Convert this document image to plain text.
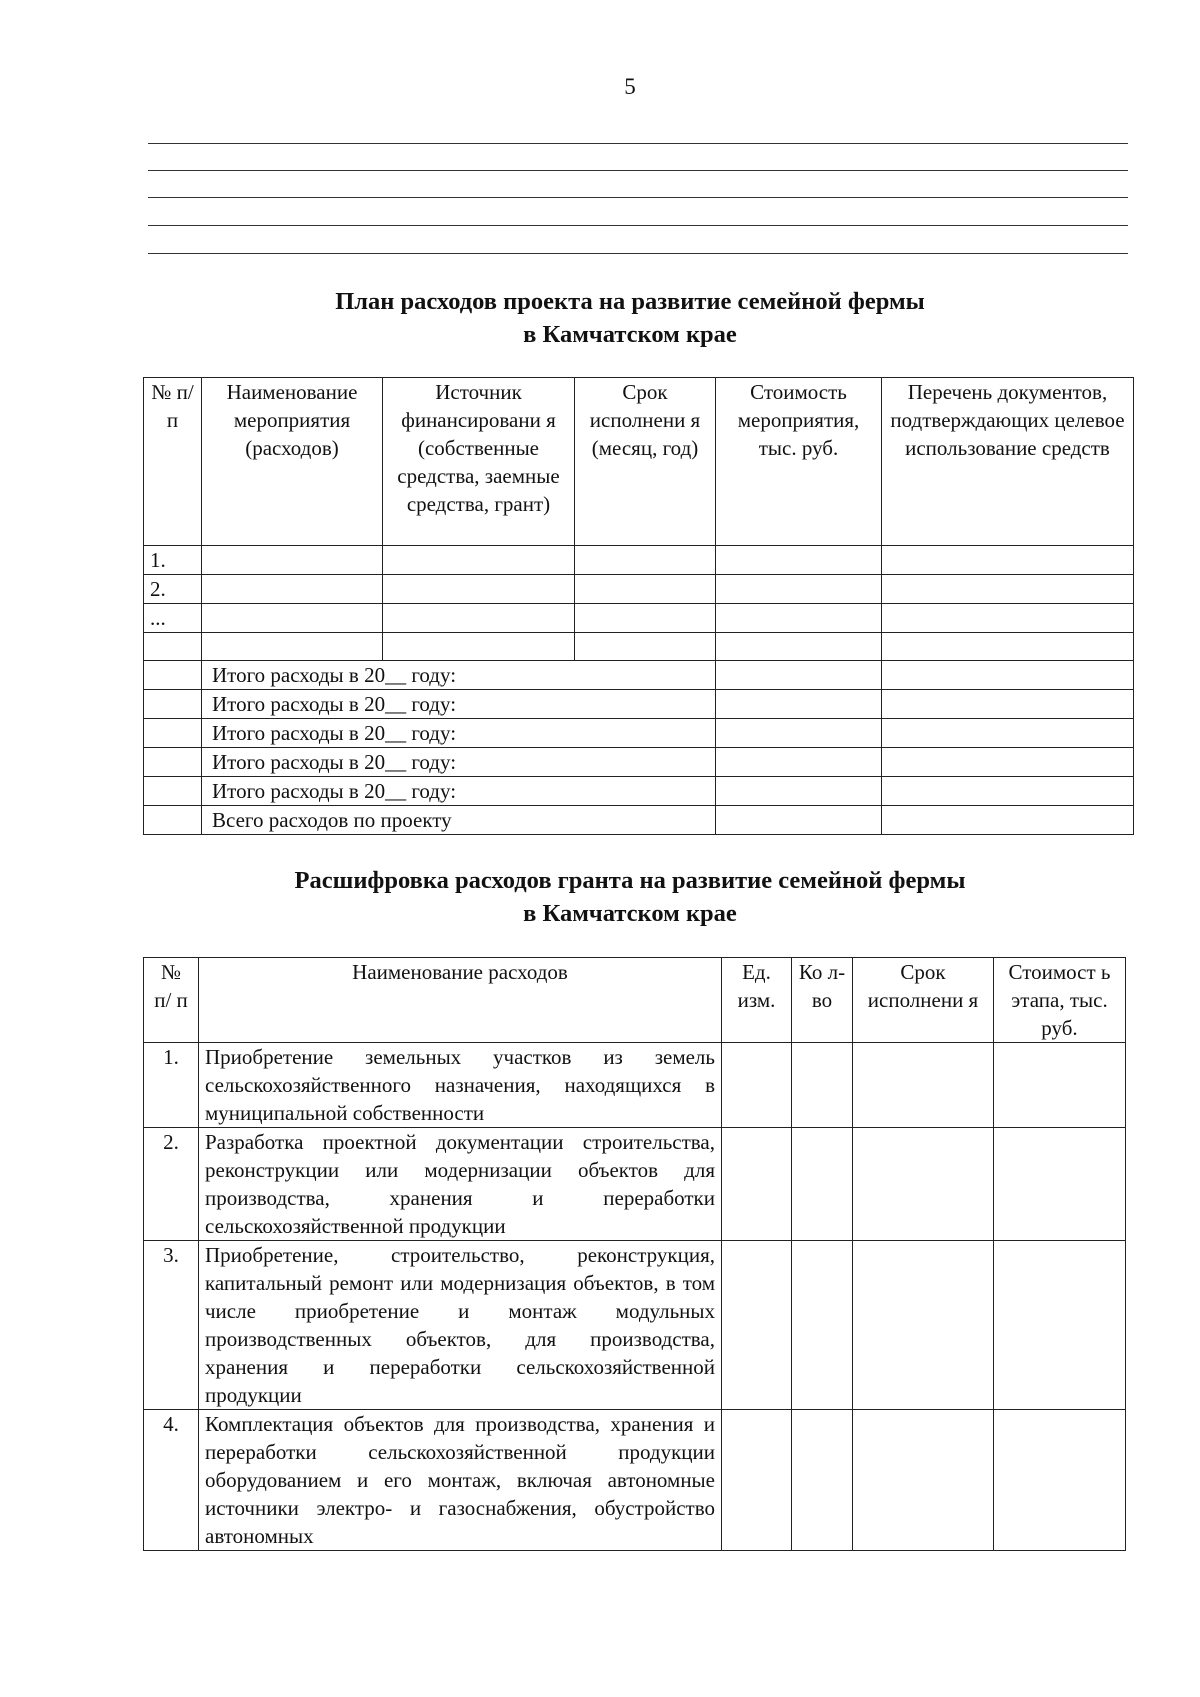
5
План расходов проекта на развитие семейной фермы
в Камчатском крае
№ п/п	Наименование мероприятия (расходов)	Источник финансировани я (собственные средства, заемные средства, грант)	Срок исполнени я (месяц, год)	Стоимость мероприятия, тыс. руб.	Перечень документов, подтверждающих целевое использование средств
1.					
2.					
...					

	Итого расходы в 20__ году:				
	Итого расходы в 20__ году:				
	Итого расходы в 20__ году:				
	Итого расходы в 20__ году:				
	Итого расходы в 20__ году:				
	Всего расходов по проекту				
Расшифровка расходов гранта на развитие семейной фермы
в Камчатском крае
№ п/ п	Наименование расходов	Ед. изм.	Ко л- во	Срок исполнени я	Стоимост ь этапа, тыс. руб.
1.	Приобретение земельных участков из земель сельскохозяйственного назначения, находящихся в муниципальной собственности				
2.	Разработка проектной документации строительства, реконструкции или модернизации объектов для производства, хранения и переработки сельскохозяйственной продукции				
3.	Приобретение, строительство, реконструкция, капитальный ремонт или модернизация объектов, в том числе приобретение и монтаж модульных производственных объектов, для производства, хранения и переработки сельскохозяйственной продукции				
4.	Комплектация объектов для производства, хранения и переработки сельскохозяйственной продукции оборудованием и его монтаж, включая автономные источники электро- и газоснабжения, обустройство автономных				
